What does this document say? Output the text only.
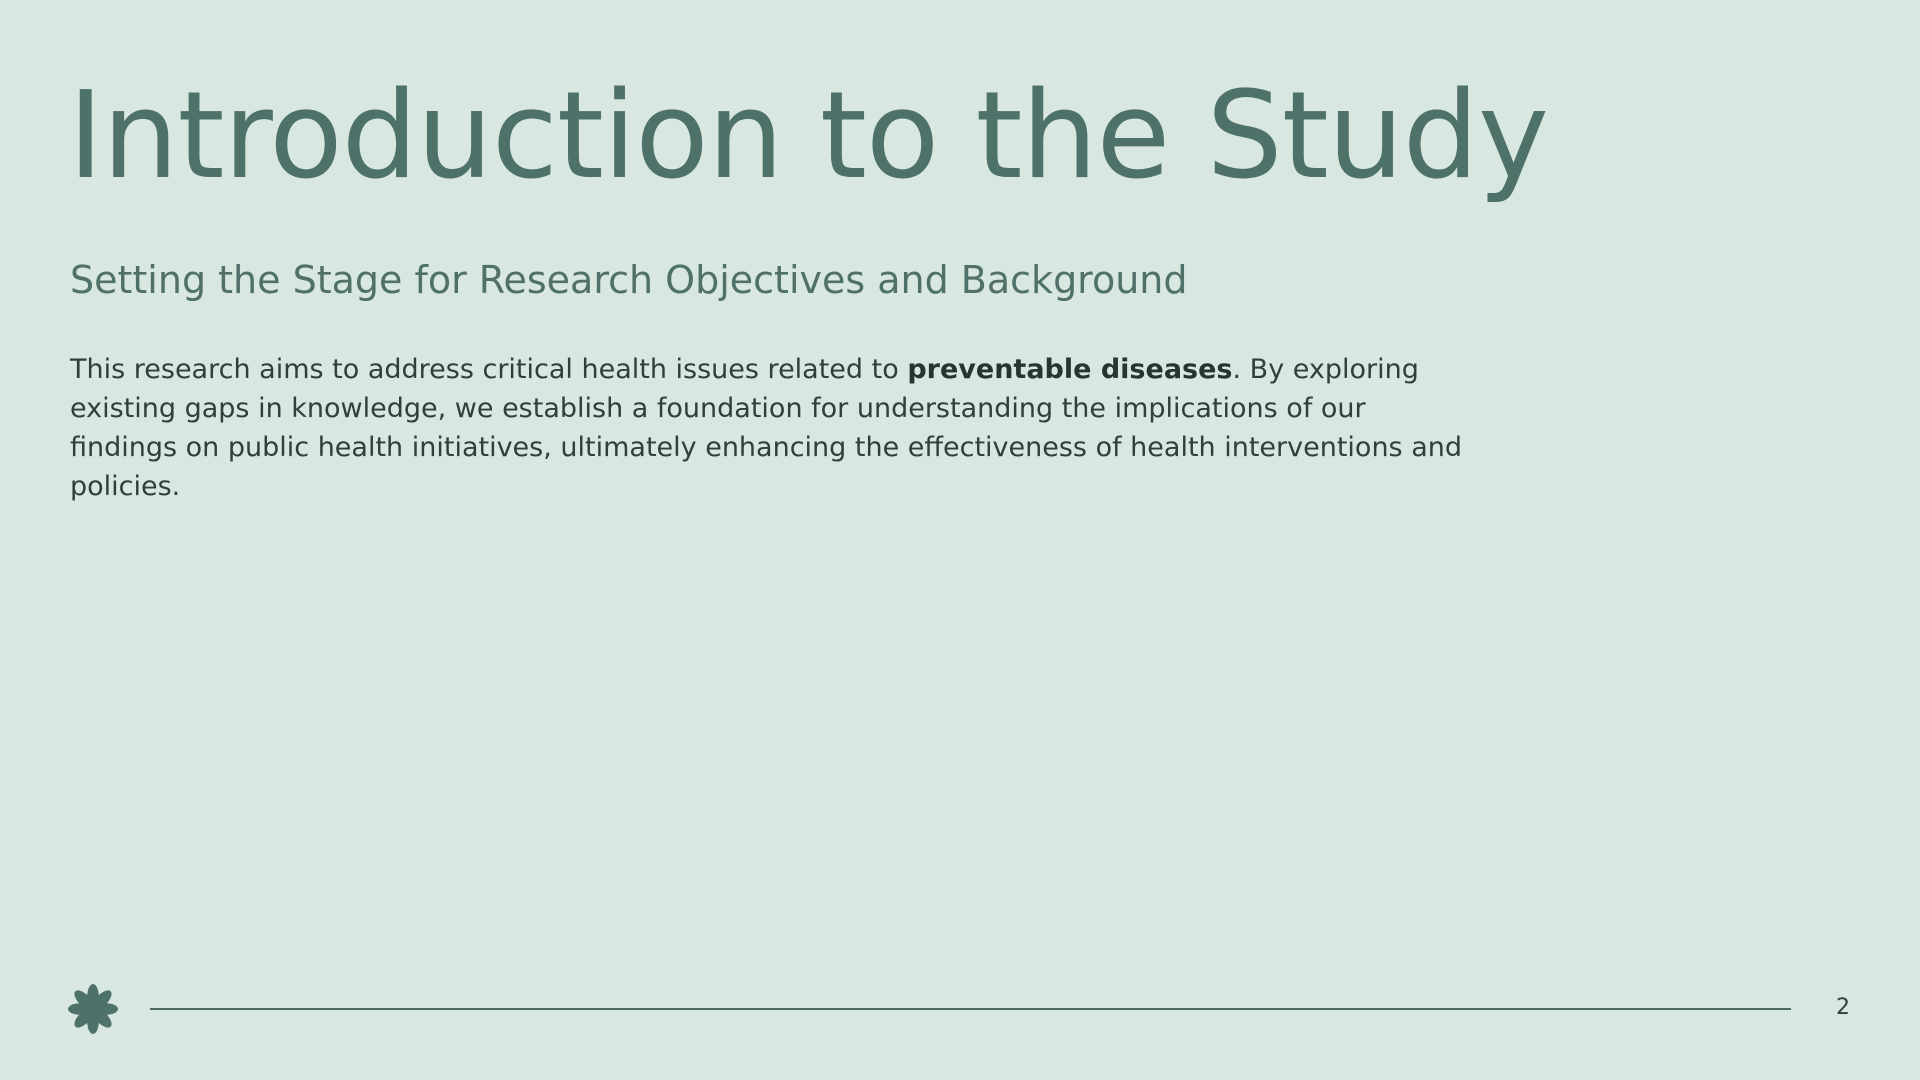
Introduction to the Study
Setting the Stage for Research Objectives and Background

This research aims to address critical health issues related to preventable diseases. By exploring existing gaps in knowledge, we establish a foundation for understanding the implications of our findings on public health initiatives, ultimately enhancing the effectiveness of health interventions and policies.

2
